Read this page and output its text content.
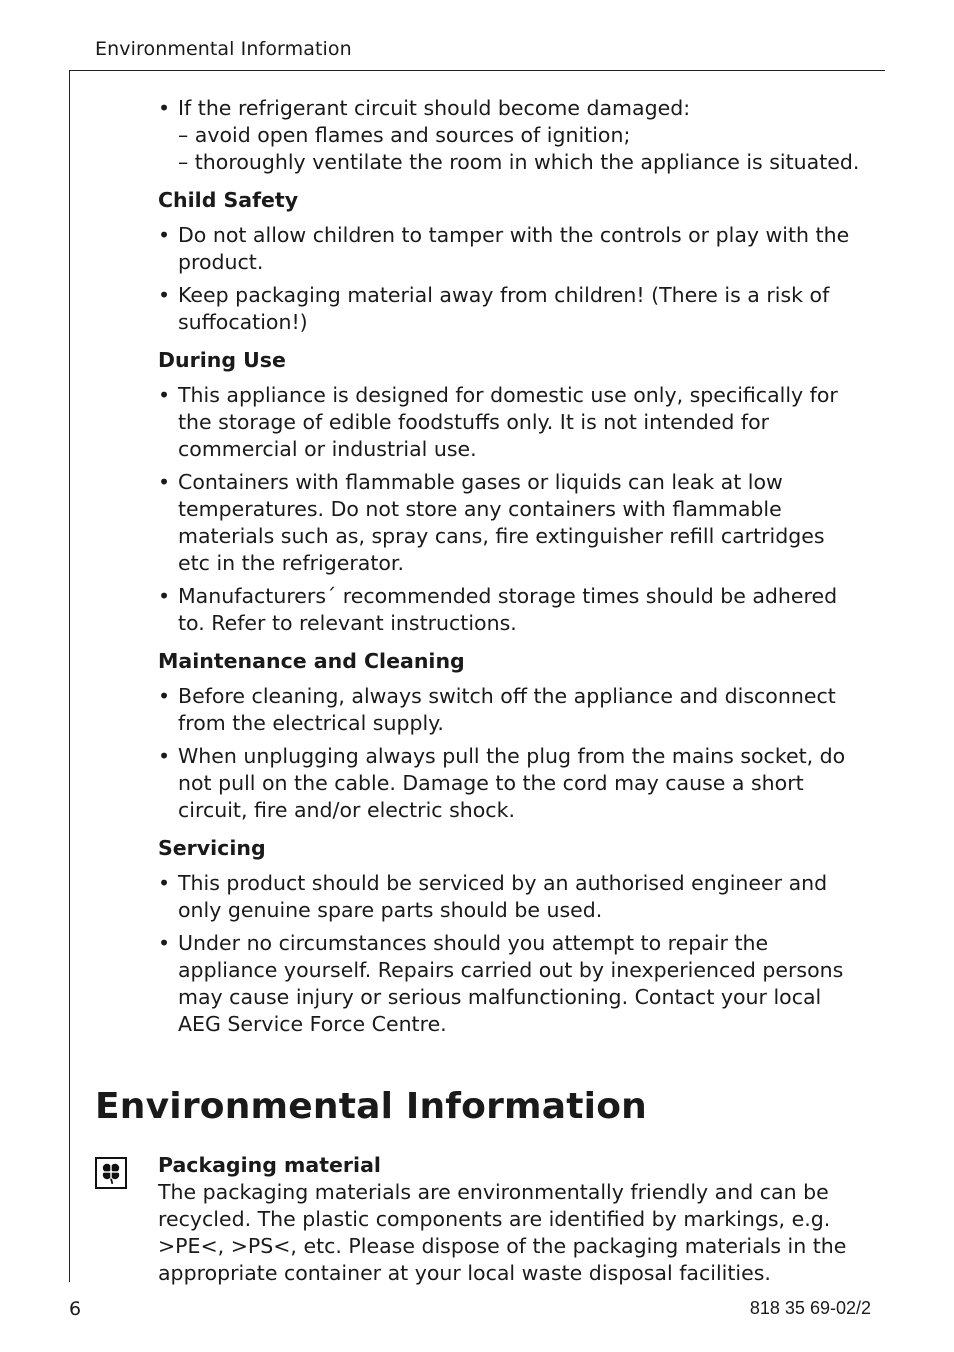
Environmental Information
• If the refrigerant circuit should become damaged:
– avoid open flames and sources of ignition;
– thoroughly ventilate the room in which the appliance is situated.
Child Safety
• Do not allow children to tamper with the controls or play with the product.
• Keep packaging material away from children! (There is a risk of suffocation!)
During Use
• This appliance is designed for domestic use only, specifically for the storage of edible foodstuffs only. It is not intended for commercial or industrial use.
• Containers with flammable gases or liquids can leak at low temperatures. Do not store any containers with flammable materials such as, spray cans, fire extinguisher refill cartridges etc in the refrigerator.
• Manufacturers´ recommended storage times should be adhered to. Refer to relevant instructions.
Maintenance and Cleaning
• Before cleaning, always switch off the appliance and disconnect from the electrical supply.
• When unplugging always pull the plug from the mains socket, do not pull on the cable. Damage to the cord may cause a short circuit, fire and/or electric shock.
Servicing
• This product should be serviced by an authorised engineer and only genuine spare parts should be used.
• Under no circumstances should you attempt to repair the appliance yourself. Repairs carried out by inexperienced persons may cause injury or serious malfunctioning. Contact your local AEG Service Force Centre.
Environmental Information
Packaging material
The packaging materials are environmentally friendly and can be recycled. The plastic components are identified by markings, e.g. >PE<, >PS<, etc. Please dispose of the packaging materials in the appropriate container at your local waste disposal facilities.
6	818 35 69-02/2
